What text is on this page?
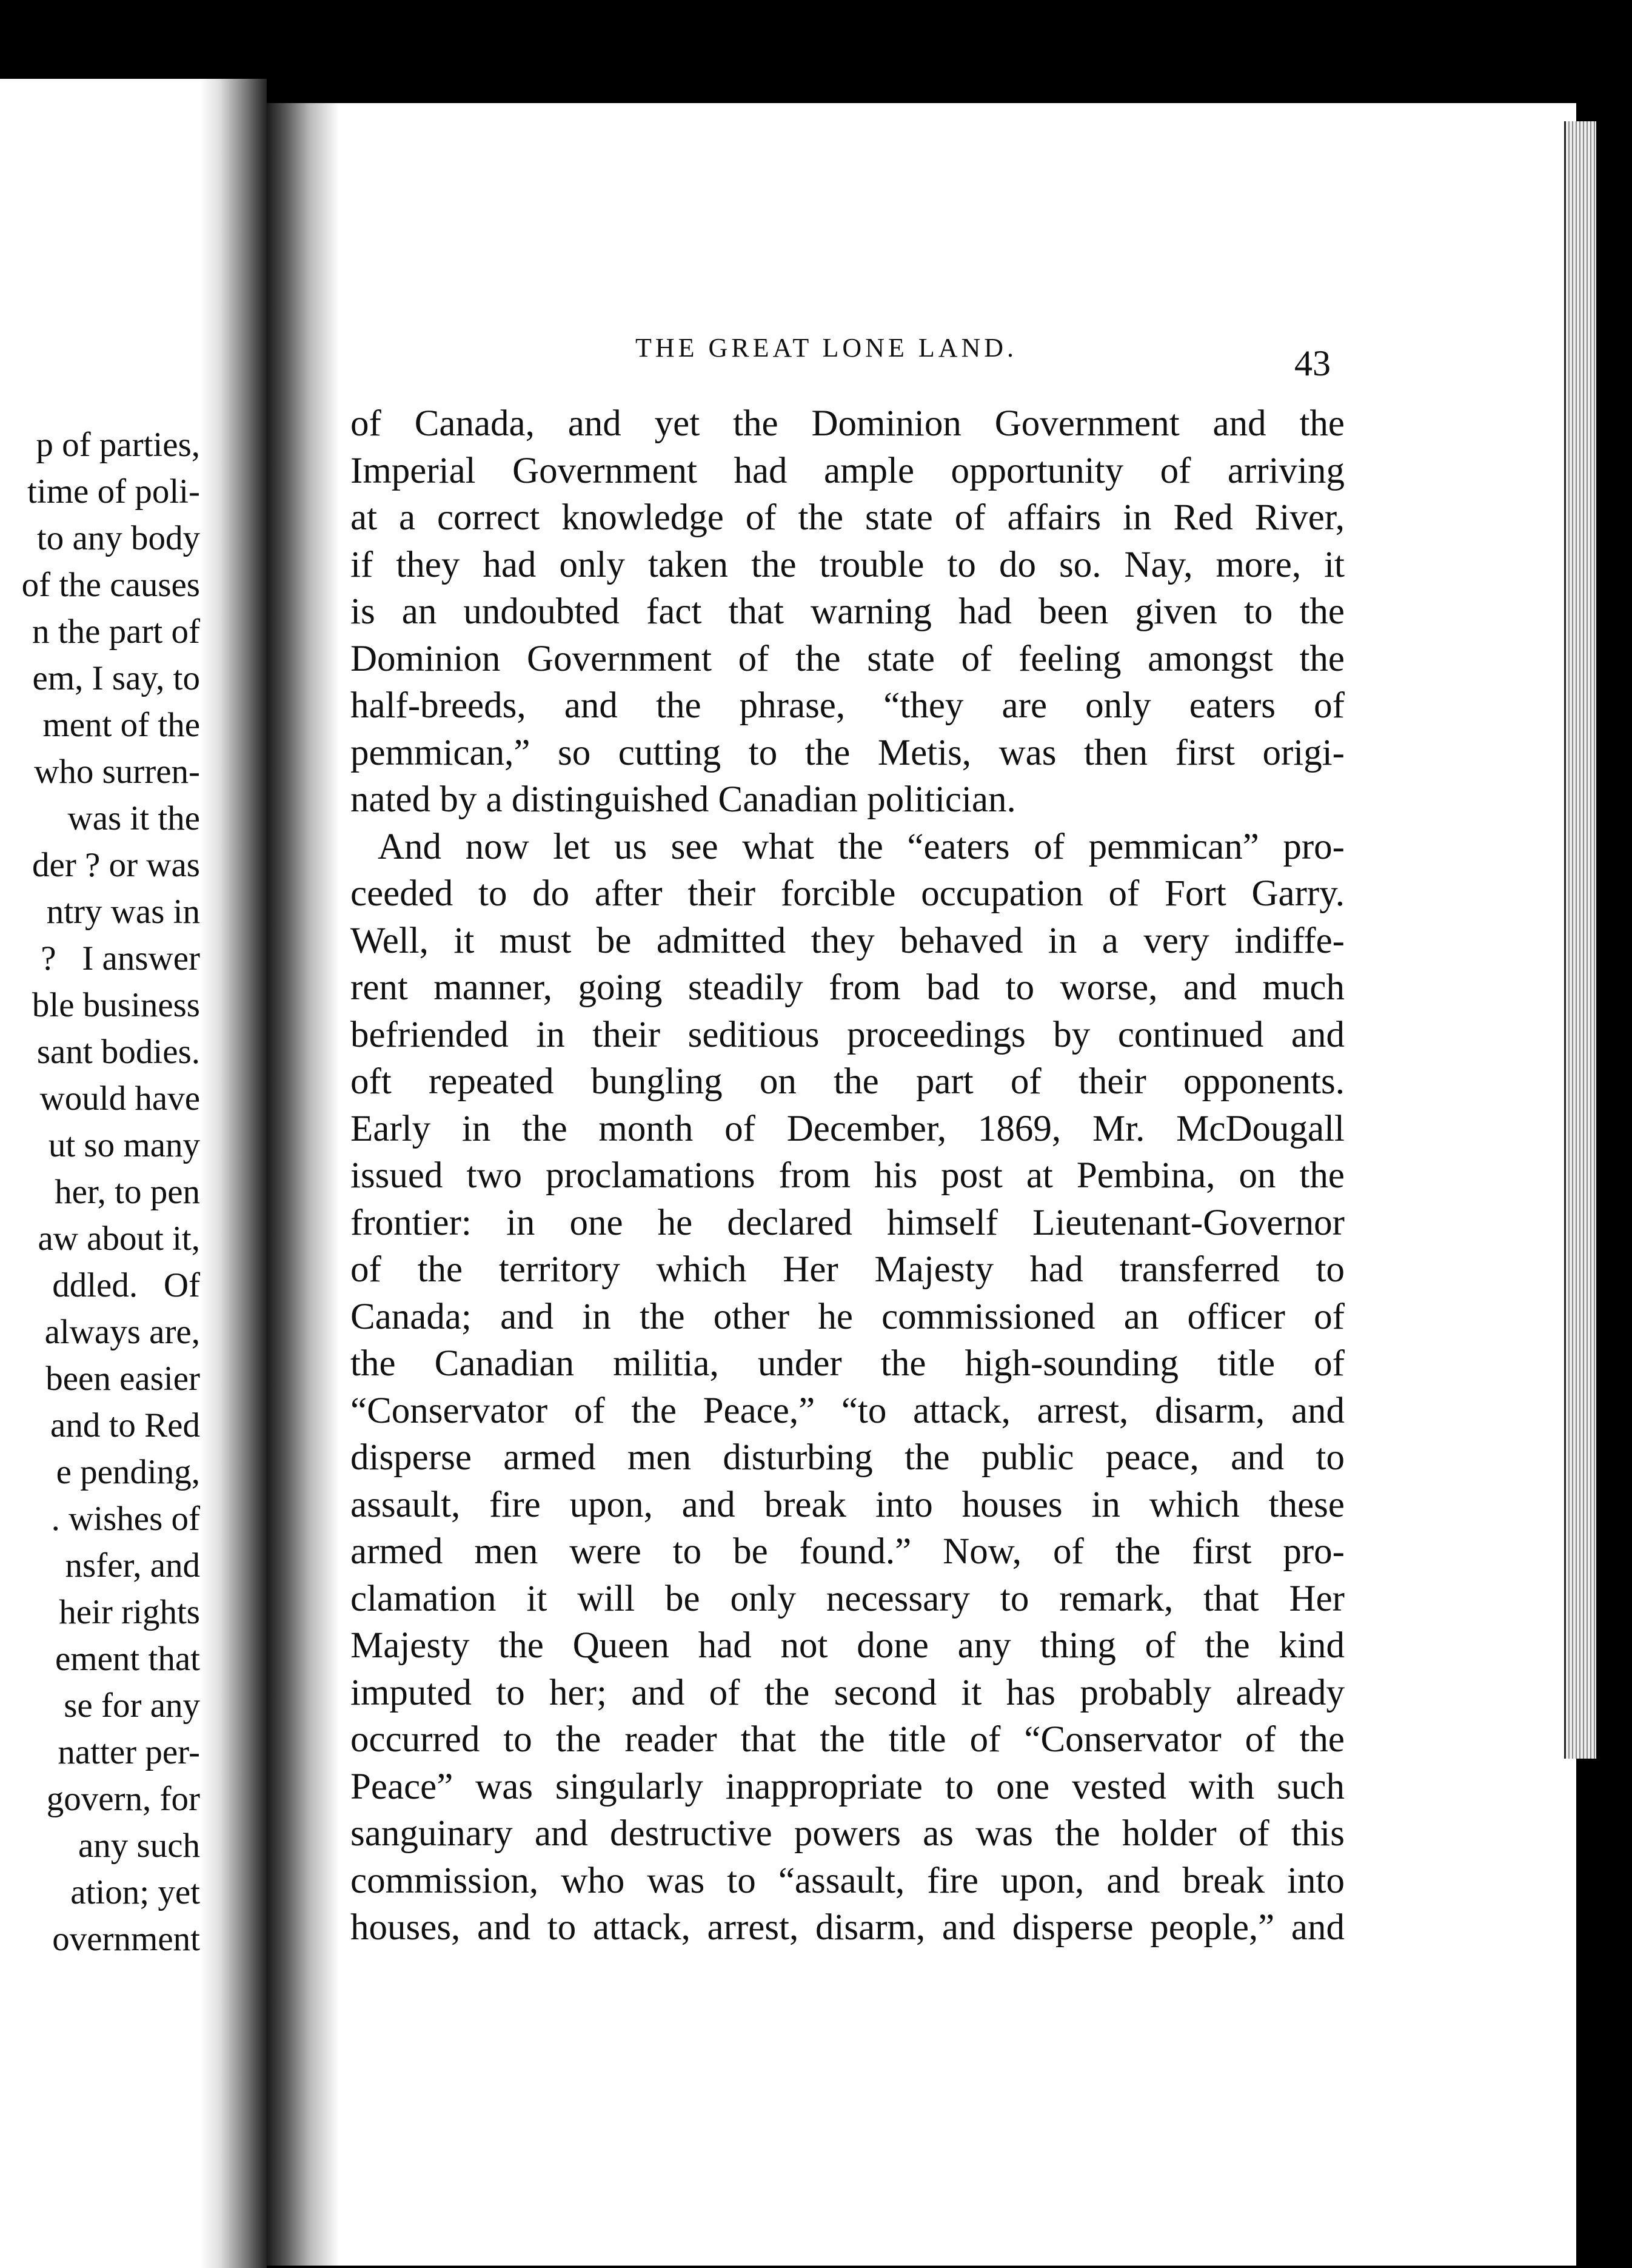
p of parties,
time of poli-
to any body
of the causes
n the part of
em, I say, to
ment of the
who surren-
was it the
der ? or was
ntry was in
?   I answer
ble business
sant bodies.
would have
ut so many
her, to pen
aw about it,
ddled.   Of
always are,
been easier
and to Red
e pending,
. wishes of
nsfer, and
heir rights
ement that
se for any
natter per-
govern, for
any such
ation; yet
overnment

THE GREAT LONE LAND.	43
of Canada, and yet the Dominion Government and the
Imperial Government had ample opportunity of arriving
at a correct knowledge of the state of affairs in Red River,
if they had only taken the trouble to do so. Nay, more, it
is an undoubted fact that warning had been given to the
Dominion Government of the state of feeling amongst the
half-breeds, and the phrase, “they are only eaters of
pemmican,” so cutting to the Metis, was then first origi-
nated by a distinguished Canadian politician.
And now let us see what the “eaters of pemmican” pro-
ceeded to do after their forcible occupation of Fort Garry.
Well, it must be admitted they behaved in a very indiffe-
rent manner, going steadily from bad to worse, and much
befriended in their seditious proceedings by continued and
oft repeated bungling on the part of their opponents.
Early in the month of December, 1869, Mr. McDougall
issued two proclamations from his post at Pembina, on the
frontier: in one he declared himself Lieutenant-Governor
of the territory which Her Majesty had transferred to
Canada; and in the other he commissioned an officer of
the Canadian militia, under the high-sounding title of
“Conservator of the Peace,” “to attack, arrest, disarm, and
disperse armed men disturbing the public peace, and to
assault, fire upon, and break into houses in which these
armed men were to be found.” Now, of the first pro-
clamation it will be only necessary to remark, that Her
Majesty the Queen had not done any thing of the kind
imputed to her; and of the second it has probably already
occurred to the reader that the title of “Conservator of the
Peace” was singularly inappropriate to one vested with such
sanguinary and destructive powers as was the holder of this
commission, who was to “assault, fire upon, and break into
houses, and to attack, arrest, disarm, and disperse people,” and
